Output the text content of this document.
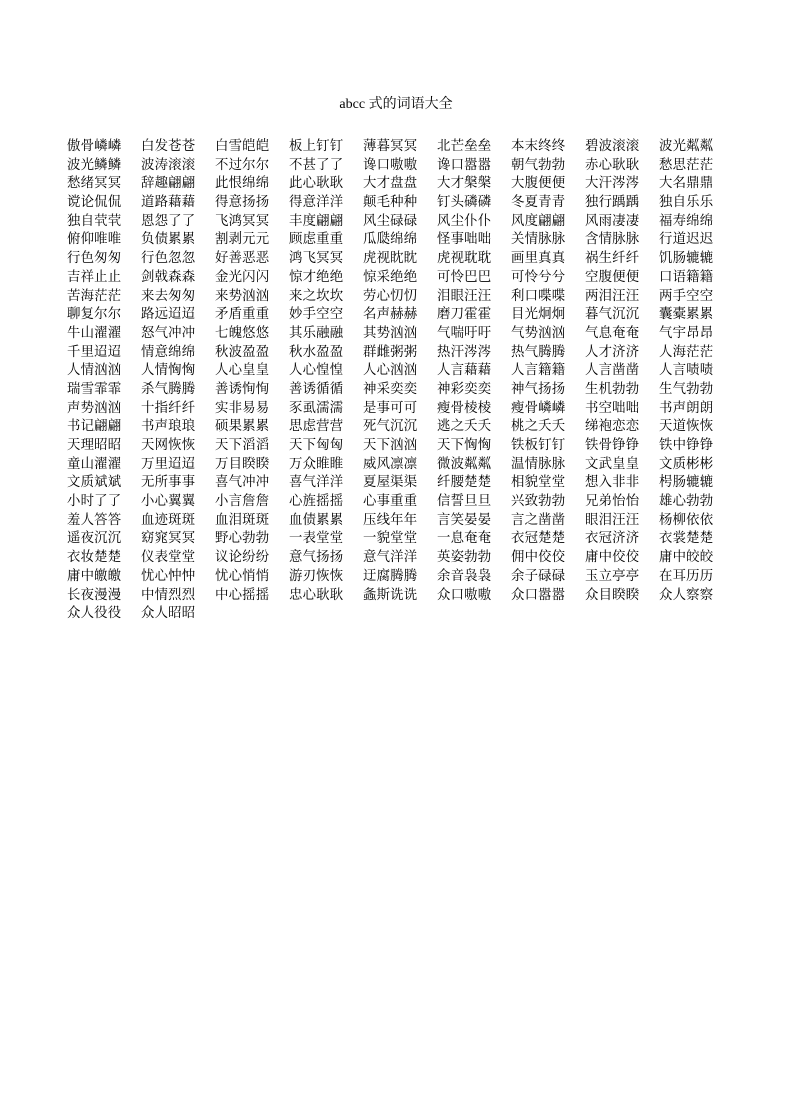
abcc 式的词语大全
傲骨嶙嶙	白发苍苍	白雪皑皑	板上钉钉	薄暮冥冥	北芒垒垒	本末终终	碧波滚滚	波光粼粼
波光鳞鳞	波涛滚滚	不过尔尔	不甚了了	谗口嗷嗷	谗口嚣嚣	朝气勃勃	赤心耿耿	愁思茫茫
愁绪冥冥	辞趣翩翩	此恨绵绵	此心耿耿	大才盘盘	大才槃槃	大腹便便	大汗涔涔	大名鼎鼎
谠论侃侃	道路藉藉	得意扬扬	得意洋洋	颠毛种种	钉头磷磷	冬夏青青	独行踽踽	独自乐乐
独自茕茕	恩怨了了	飞鸿冥冥	丰度翩翩	风尘碌碌	风尘仆仆	风度翩翩	风雨凄凄	福寿绵绵
俯仰唯唯	负债累累	割剥元元	顾虑重重	瓜瓞绵绵	怪事咄咄	关情脉脉	含情脉脉	行道迟迟
行色匆匆	行色忽忽	好善恶恶	鸿飞冥冥	虎视眈眈	虎视耽耽	画里真真	祸生纤纤	饥肠辘辘
吉祥止止	剑戟森森	金光闪闪	惊才绝绝	惊采绝绝	可怜巴巴	可怜兮兮	空腹便便	口语籍籍
苦海茫茫	来去匆匆	来势汹汹	来之坎坎	劳心忉忉	泪眼汪汪	利口喋喋	两泪汪汪	两手空空
聊复尔尔	路远迢迢	矛盾重重	妙手空空	名声赫赫	磨刀霍霍	目光炯炯	暮气沉沉	囊橐累累
牛山濯濯	怒气冲冲	七魄悠悠	其乐融融	其势汹汹	气喘吁吁	气势汹汹	气息奄奄	气宇昂昂
千里迢迢	情意绵绵	秋波盈盈	秋水盈盈	群雌粥粥	热汗涔涔	热气腾腾	人才济济	人海茫茫
人情汹汹	人情恟恟	人心皇皇	人心惶惶	人心汹汹	人言藉藉	人言籍籍	人言凿凿	人言啧啧
瑞雪霏霏	杀气腾腾	善诱恂恂	善诱循循	神采奕奕	神彩奕奕	神气扬扬	生机勃勃	生气勃勃
声势汹汹	十指纤纤	实非易易	豕虱濡濡	是事可可	瘦骨棱棱	瘦骨嶙嶙	书空咄咄	书声朗朗
书记翩翩	书声琅琅	硕果累累	思虑营营	死气沉沉	逃之夭夭	桃之夭夭	绨袍恋恋	天道恢恢
天理昭昭	天网恢恢	天下滔滔	天下匈匈	天下汹汹	天下恟恟	铁板钉钉	铁骨铮铮	铁中铮铮
童山濯濯	万里迢迢	万目睽睽	万众睢睢	威风凛凛	微波粼粼	温情脉脉	文武皇皇	文质彬彬
文质斌斌	无所事事	喜气冲冲	喜气洋洋	夏屋渠渠	纤腰楚楚	相貌堂堂	想入非非	枵肠辘辘
小时了了	小心翼翼	小言詹詹	心旌摇摇	心事重重	信誓旦旦	兴致勃勃	兄弟怡怡	雄心勃勃
羞人答答	血迹斑斑	血泪斑斑	血债累累	压线年年	言笑晏晏	言之凿凿	眼泪汪汪	杨柳依依
遥夜沉沉	窈窕冥冥	野心勃勃	一表堂堂	一貌堂堂	一息奄奄	衣冠楚楚	衣冠济济	衣裳楚楚
衣妆楚楚	仪表堂堂	议论纷纷	意气扬扬	意气洋洋	英姿勃勃	佣中佼佼	庸中佼佼	庸中皎皎
庸中皦皦	忧心忡忡	忧心悄悄	游刃恢恢	迂腐腾腾	余音袅袅	余子碌碌	玉立亭亭	在耳历历
长夜漫漫	中情烈烈	中心摇摇	忠心耿耿	螽斯诜诜	众口嗷嗷	众口嚣嚣	众目睽睽	众人察察
众人役役	众人昭昭
